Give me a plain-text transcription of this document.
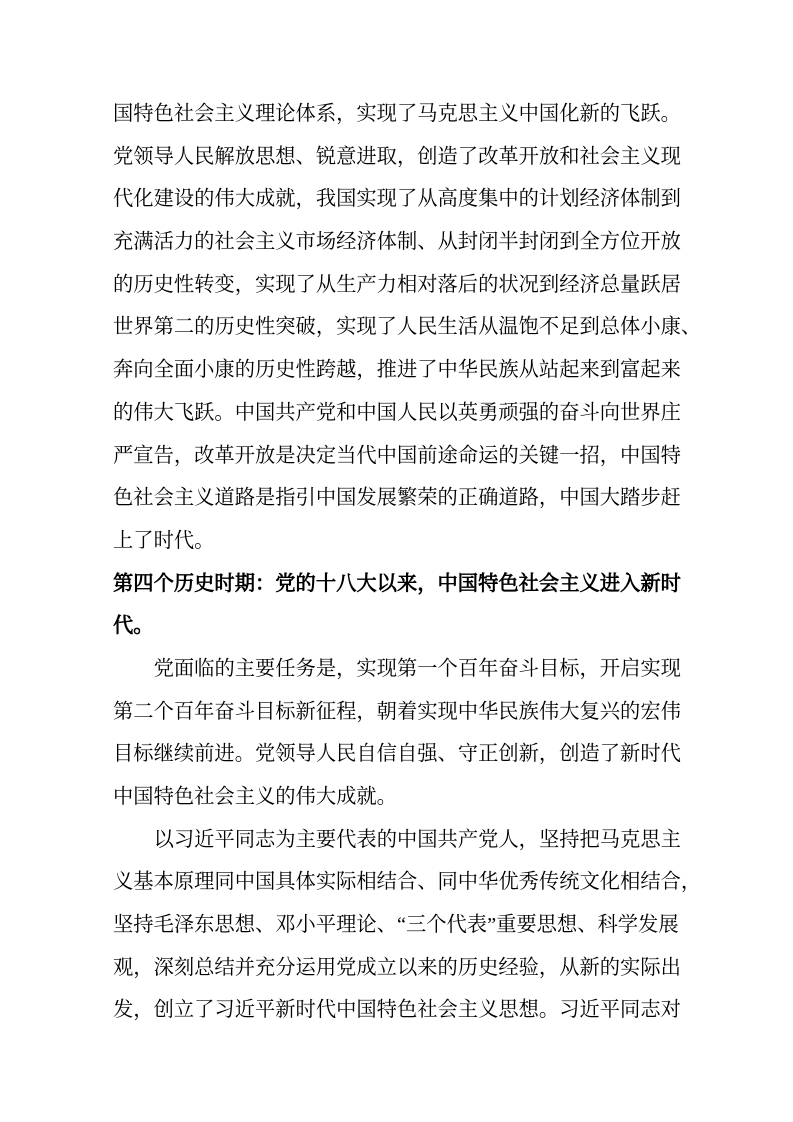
国特色社会主义理论体系，实现了马克思主义中国化新的飞跃。
党领导人民解放思想、锐意进取，创造了改革开放和社会主义现
代化建设的伟大成就，我国实现了从高度集中的计划经济体制到
充满活力的社会主义市场经济体制、从封闭半封闭到全方位开放
的历史性转变，实现了从生产力相对落后的状况到经济总量跃居
世界第二的历史性突破，实现了人民生活从温饱不足到总体小康、
奔向全面小康的历史性跨越，推进了中华民族从站起来到富起来
的伟大飞跃。中国共产党和中国人民以英勇顽强的奋斗向世界庄
严宣告，改革开放是决定当代中国前途命运的关键一招，中国特
色社会主义道路是指引中国发展繁荣的正确道路，中国大踏步赶
上了时代。
第四个历史时期：党的十八大以来，中国特色社会主义进入新时
代。
党面临的主要任务是，实现第一个百年奋斗目标，开启实现
第二个百年奋斗目标新征程，朝着实现中华民族伟大复兴的宏伟
目标继续前进。党领导人民自信自强、守正创新，创造了新时代
中国特色社会主义的伟大成就。
以习近平同志为主要代表的中国共产党人，坚持把马克思主
义基本原理同中国具体实际相结合、同中华优秀传统文化相结合，
坚持毛泽东思想、邓小平理论、“三个代表”重要思想、科学发展
观，深刻总结并充分运用党成立以来的历史经验，从新的实际出
发，创立了习近平新时代中国特色社会主义思想。习近平同志对
